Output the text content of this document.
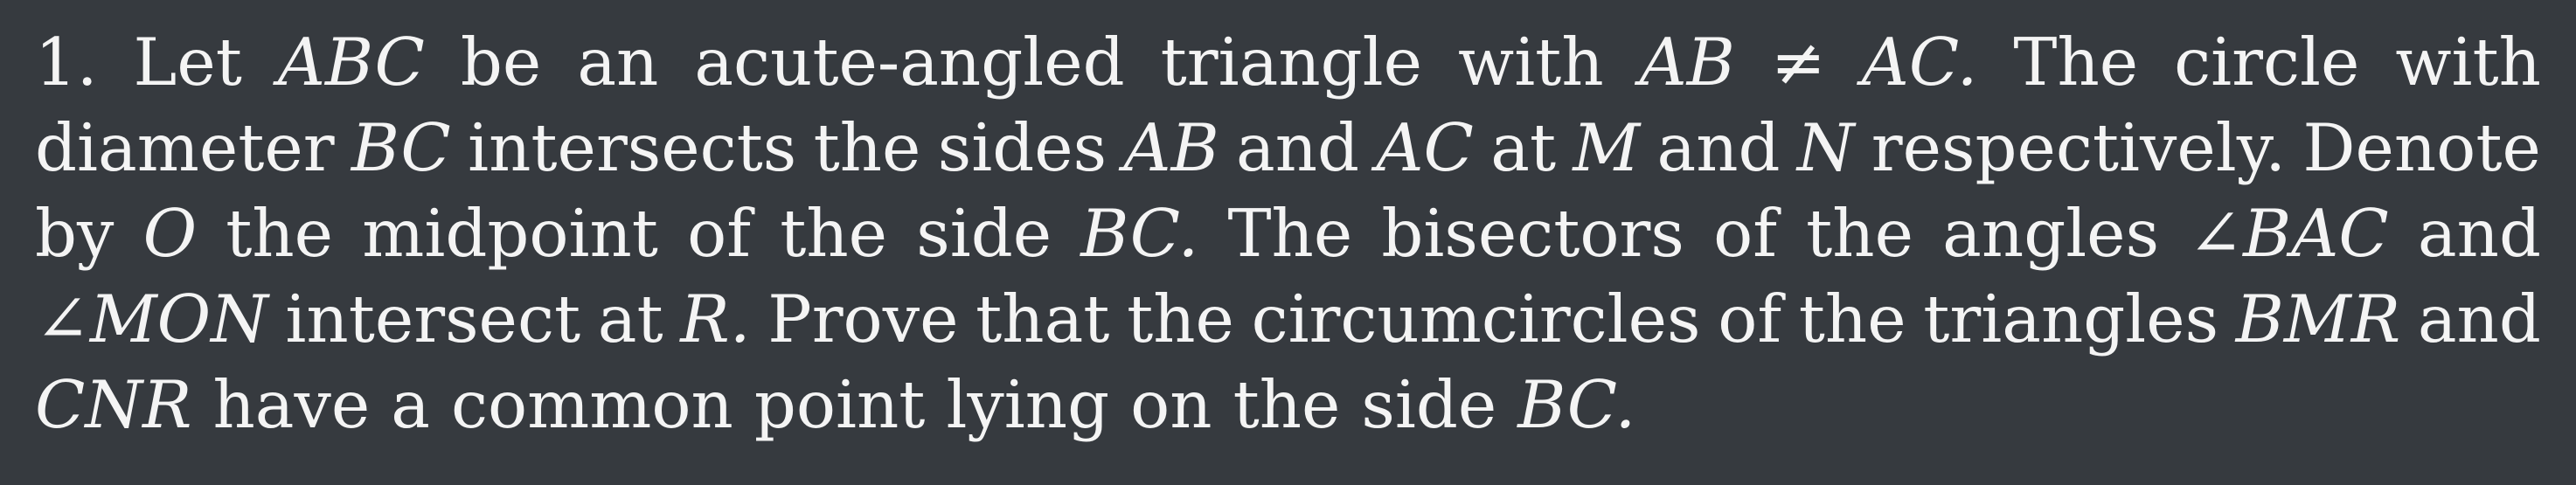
1. Let ABC be an acute-angled triangle with AB ≠ AC. The circle with
diameter BC intersects the sides AB and AC at M and N respectively. Denote
by O the midpoint of the side BC. The bisectors of the angles ∠BAC and
∠MON intersect at R. Prove that the circumcircles of the triangles BMR and
CNR have a common point lying on the side BC.
